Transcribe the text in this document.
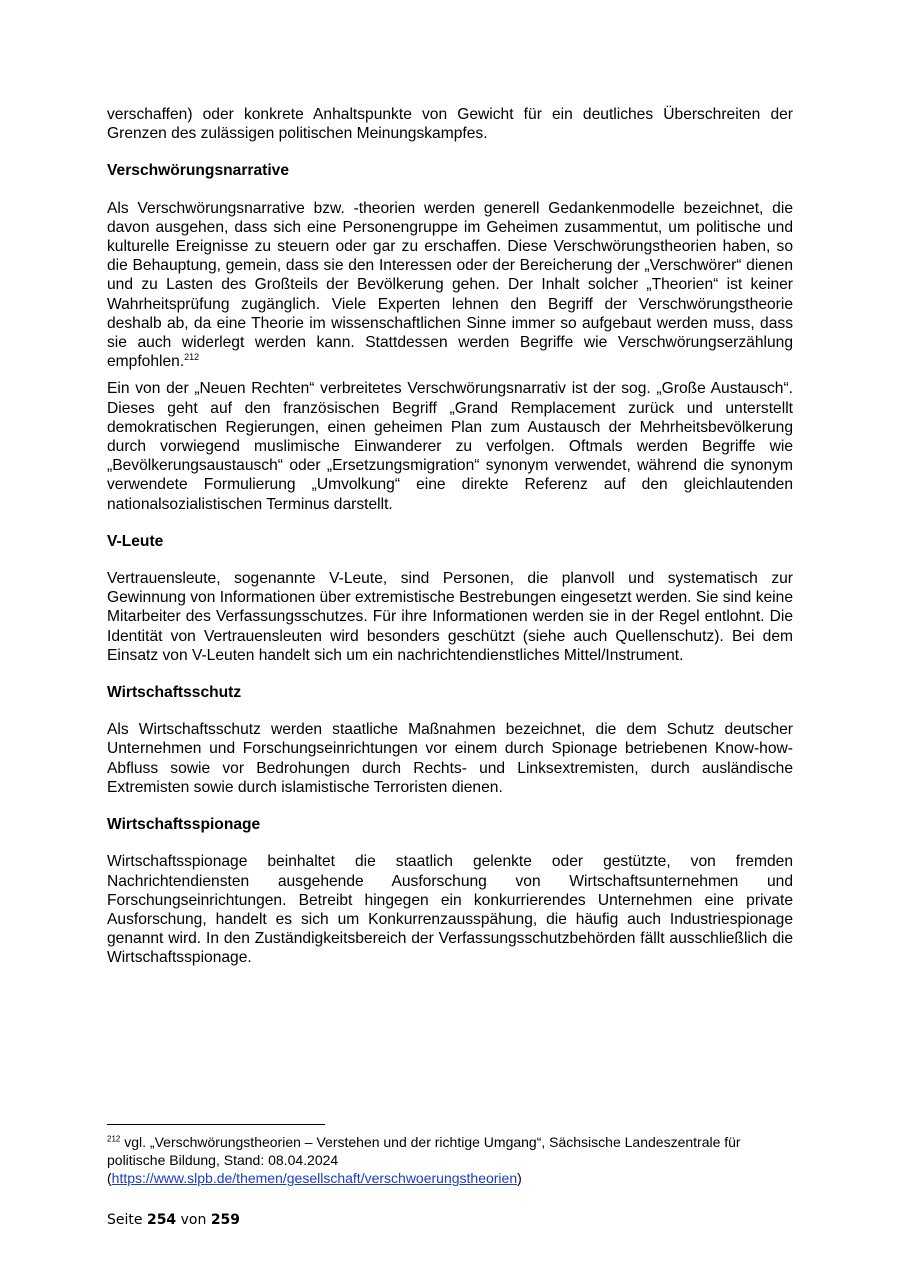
verschaffen) oder konkrete Anhaltspunkte von Gewicht für ein deutliches Überschreiten der Grenzen des zulässigen politischen Meinungskampfes.

Verschwörungsnarrative

Als Verschwörungsnarrative bzw. -theorien werden generell Gedankenmodelle bezeichnet, die davon ausgehen, dass sich eine Personengruppe im Geheimen zusammentut, um politische und kulturelle Ereignisse zu steuern oder gar zu erschaffen. Diese Verschwörungstheorien haben, so die Behauptung, gemein, dass sie den Interessen oder der Bereicherung der „Verschwörer“ dienen und zu Lasten des Großteils der Bevölkerung gehen. Der Inhalt solcher „Theorien“ ist keiner Wahrheitsprüfung zugänglich. Viele Experten lehnen den Begriff der Verschwörungstheorie deshalb ab, da eine Theorie im wissenschaftlichen Sinne immer so aufgebaut werden muss, dass sie auch widerlegt werden kann. Stattdessen werden Begriffe wie Verschwörungserzählung empfohlen.$^{212}$

Ein von der „Neuen Rechten“ verbreitetes Verschwörungsnarrativ ist der sog. „Große Austausch“. Dieses geht auf den französischen Begriff „Grand Remplacement zurück und unterstellt demokratischen Regierungen, einen geheimen Plan zum Austausch der Mehrheitsbevölkerung durch vorwiegend muslimische Einwanderer zu verfolgen. Oftmals werden Begriffe wie „Bevölkerungsaustausch“ oder „Ersetzungsmigration“ synonym verwendet, während die synonym verwendete Formulierung „Umvolkung“ eine direkte Referenz auf den gleichlautenden nationalsozialistischen Terminus darstellt.

V-Leute

Vertrauensleute, sogenannte V-Leute, sind Personen, die planvoll und systematisch zur Gewinnung von Informationen über extremistische Bestrebungen eingesetzt werden. Sie sind keine Mitarbeiter des Verfassungsschutzes. Für ihre Informationen werden sie in der Regel entlohnt. Die Identität von Vertrauensleuten wird besonders geschützt (siehe auch Quellenschutz). Bei dem Einsatz von V-Leuten handelt sich um ein nachrichtendienstliches Mittel/Instrument.

Wirtschaftsschutz

Als Wirtschaftsschutz werden staatliche Maßnahmen bezeichnet, die dem Schutz deutscher Unternehmen und Forschungseinrichtungen vor einem durch Spionage betriebenen Know-how-Abfluss sowie vor Bedrohungen durch Rechts- und Linksextremisten, durch ausländische Extremisten sowie durch islamistische Terroristen dienen.

Wirtschaftsspionage

Wirtschaftsspionage beinhaltet die staatlich gelenkte oder gestützte, von fremden Nachrichtendiensten ausgehende Ausforschung von Wirtschaftsunternehmen und Forschungseinrichtungen. Betreibt hingegen ein konkurrierendes Unternehmen eine private Ausforschung, handelt es sich um Konkurrenzausspähung, die häufig auch Industriespionage genannt wird. In den Zuständigkeitsbereich der Verfassungsschutzbehörden fällt ausschließlich die Wirtschaftsspionage.

$^{212}$ vgl. „Verschwörungstheorien – Verstehen und der richtige Umgang“, Sächsische Landeszentrale für politische Bildung, Stand: 08.04.2024
(https://www.slpb.de/themen/gesellschaft/verschwoerungstheorien)
Seite 254 von 259
